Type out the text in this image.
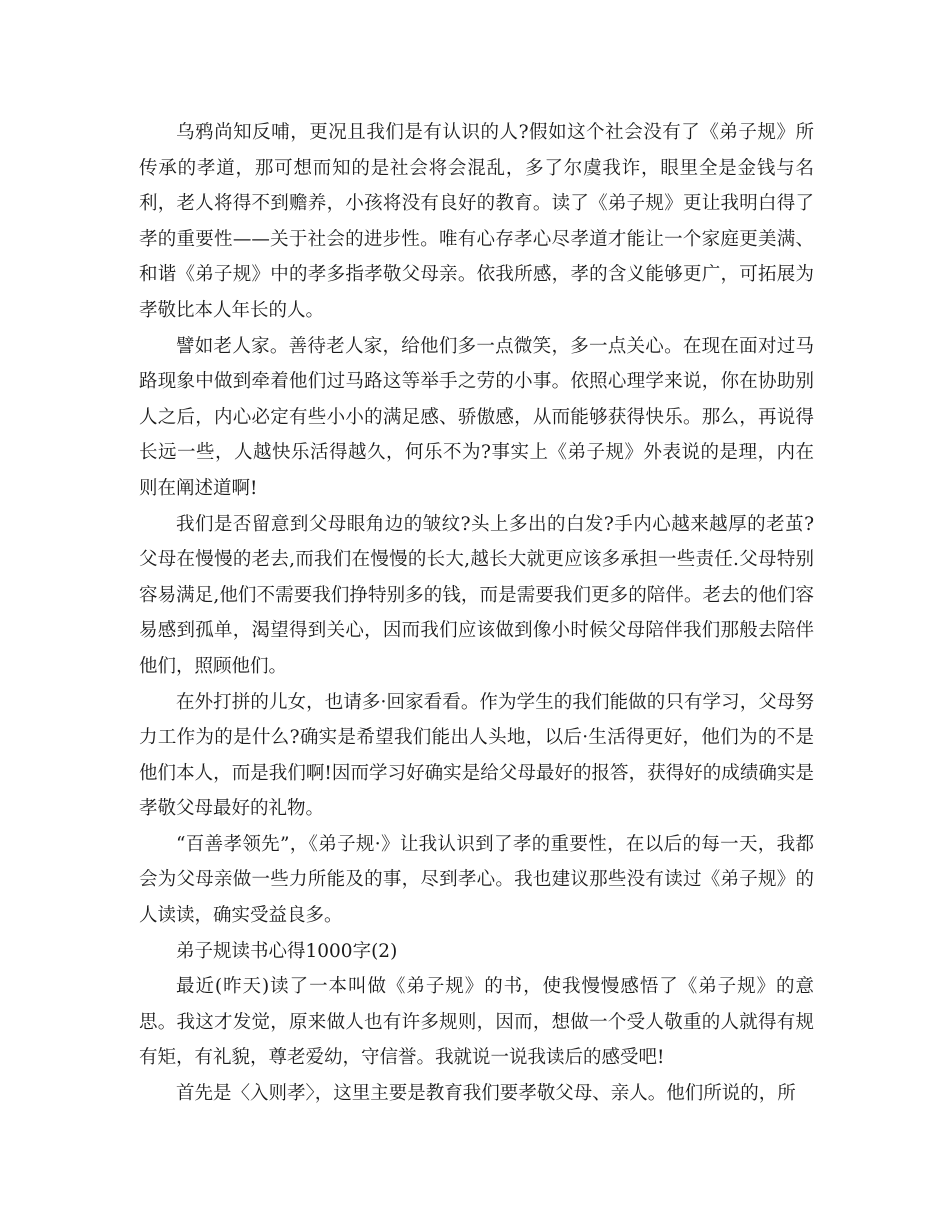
乌鸦尚知反哺，更况且我们是有认识的人?假如这个社会没有了《弟子规》所传承的孝道，那可想而知的是社会将会混乱，多了尔虞我诈，眼里全是金钱与名利，老人将得不到赡养，小孩将没有良好的教育。读了《弟子规》更让我明白得了孝的重要性——关于社会的进步性。唯有心存孝心尽孝道才能让一个家庭更美满、和谐《弟子规》中的孝多指孝敬父母亲。依我所感，孝的含义能够更广，可拓展为孝敬比本人年长的人。

譬如老人家。善待老人家，给他们多一点微笑，多一点关心。在现在面对过马路现象中做到牵着他们过马路这等举手之劳的小事。依照心理学来说，你在协助别人之后，内心必定有些小小的满足感、骄傲感，从而能够获得快乐。那么，再说得长远一些，人越快乐活得越久，何乐不为?事实上《弟子规》外表说的是理，内在则在阐述道啊!

我们是否留意到父母眼角边的皱纹?头上多出的白发?手内心越来越厚的老茧?父母在慢慢的老去,而我们在慢慢的长大,越长大就更应该多承担一些责任.父母特别容易满足,他们不需要我们挣特别多的钱，而是需要我们更多的陪伴。老去的他们容易感到孤单，渴望得到关心，因而我们应该做到像小时候父母陪伴我们那般去陪伴他们，照顾他们。

在外打拼的儿女，也请多·回家看看。作为学生的我们能做的只有学习，父母努力工作为的是什么?确实是希望我们能出人头地，以后·生活得更好，他们为的不是他们本人，而是我们啊!因而学习好确实是给父母最好的报答，获得好的成绩确实是孝敬父母最好的礼物。

“百善孝领先”，《弟子规·》让我认识到了孝的重要性，在以后的每一天，我都会为父母亲做一些力所能及的事，尽到孝心。我也建议那些没有读过《弟子规》的人读读，确实受益良多。

弟子规读书心得1000字(2)

最近(昨天)读了一本叫做《弟子规》的书，使我慢慢感悟了《弟子规》的意思。我这才发觉，原来做人也有许多规则，因而，想做一个受人敬重的人就得有规有矩，有礼貌，尊老爱幼，守信誉。我就说一说我读后的感受吧!

首先是〈入则孝〉，这里主要是教育我们要孝敬父母、亲人。他们所说的，所
